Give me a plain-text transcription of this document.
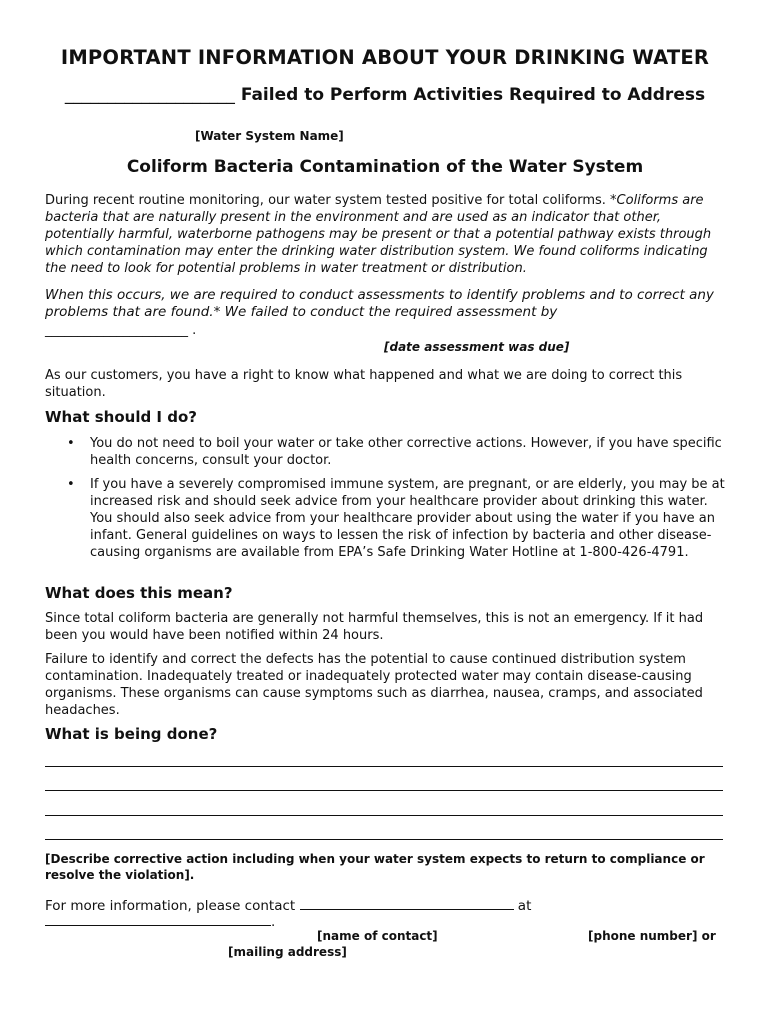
IMPORTANT INFORMATION ABOUT YOUR DRINKING WATER
____________________ Failed to Perform Activities Required to Address
[Water System Name]
Coliform Bacteria Contamination of the Water System
During recent routine monitoring, our water system tested positive for total coliforms. *Coliforms are bacteria that are naturally present in the environment and are used as an indicator that other, potentially harmful, waterborne pathogens may be present or that a potential pathway exists through which contamination may enter the drinking water distribution system. We found coliforms indicating the need to look for potential problems in water treatment or distribution.
When this occurs, we are required to conduct assessments to identify problems and to correct any problems that are found.* We failed to conduct the required assessment by
______________________ .
[date assessment was due]
As our customers, you have a right to know what happened and what we are doing to correct this situation.
What should I do?
• You do not need to boil your water or take other corrective actions. However, if you have specific health concerns, consult your doctor.
• If you have a severely compromised immune system, are pregnant, or are elderly, you may be at increased risk and should seek advice from your healthcare provider about drinking this water. You should also seek advice from your healthcare provider about using the water if you have an infant. General guidelines on ways to lessen the risk of infection by bacteria and other disease-causing organisms are available from EPA’s Safe Drinking Water Hotline at 1-800-426-4791.
What does this mean?
Since total coliform bacteria are generally not harmful themselves, this is not an emergency. If it had been you would have been notified within 24 hours.
Failure to identify and correct the defects has the potential to cause continued distribution system contamination. Inadequately treated or inadequately protected water may contain disease-causing organisms. These organisms can cause symptoms such as diarrhea, nausea, cramps, and associated headaches.
What is being done?
[Describe corrective action including when your water system expects to return to compliance or resolve the violation].
For more information, please contact	at
.
[name of contact]	[phone number] or
[mailing address]
